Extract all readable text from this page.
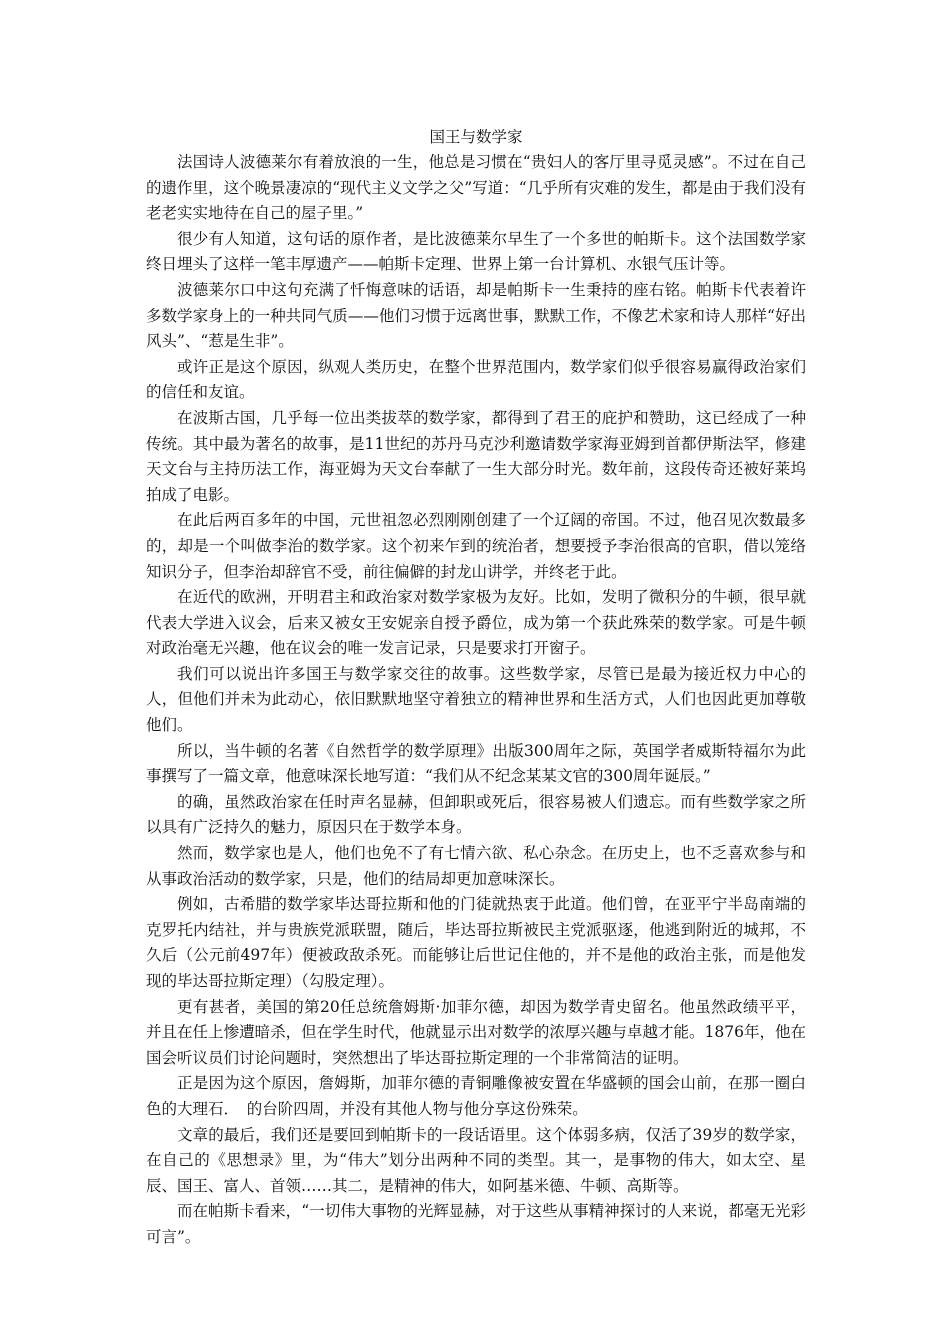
国王与数学家

法国诗人波德莱尔有着放浪的一生，他总是习惯在“贵妇人的客厅里寻觅灵感”。不过在自己的遗作里，这个晚景凄凉的“现代主义文学之父”写道：“几乎所有灾难的发生，都是由于我们没有老老实实地待在自己的屋子里。”

很少有人知道，这句话的原作者，是比波德莱尔早生了一个多世的帕斯卡。这个法国数学家终日埋头了这样一笔丰厚遗产——帕斯卡定理、世界上第一台计算机、水银气压计等。

波德莱尔口中这句充满了忏悔意味的话语，却是帕斯卡一生秉持的座右铭。帕斯卡代表着许多数学家身上的一种共同气质——他们习惯于远离世事，默默工作，不像艺术家和诗人那样“好出风头”、“惹是生非”。

或许正是这个原因，纵观人类历史，在整个世界范围内，数学家们似乎很容易赢得政治家们的信任和友谊。

在波斯古国，几乎每一位出类拔萃的数学家，都得到了君王的庇护和赞助，这已经成了一种传统。其中最为著名的故事，是11世纪的苏丹马克沙利邀请数学家海亚姆到首都伊斯法罕，修建天文台与主持历法工作，海亚姆为天文台奉献了一生大部分时光。数年前，这段传奇还被好莱坞拍成了电影。

在此后两百多年的中国，元世祖忽必烈刚刚创建了一个辽阔的帝国。不过，他召见次数最多的，却是一个叫做李治的数学家。这个初来乍到的统治者，想要授予李治很高的官职，借以笼络知识分子，但李治却辞官不受，前往偏僻的封龙山讲学，并终老于此。

在近代的欧洲，开明君主和政治家对数学家极为友好。比如，发明了微积分的牛顿，很早就代表大学进入议会，后来又被女王安妮亲自授予爵位，成为第一个获此殊荣的数学家。可是牛顿对政治毫无兴趣，他在议会的唯一发言记录，只是要求打开窗子。

我们可以说出许多国王与数学家交往的故事。这些数学家，尽管已是最为接近权力中心的人，但他们并未为此动心，依旧默默地坚守着独立的精神世界和生活方式，人们也因此更加尊敬他们。

所以，当牛顿的名著《自然哲学的数学原理》出版300周年之际，英国学者威斯特福尔为此事撰写了一篇文章，他意味深长地写道：“我们从不纪念某某文官的300周年诞辰。”

的确，虽然政治家在任时声名显赫，但卸职或死后，很容易被人们遗忘。而有些数学家之所以具有广泛持久的魅力，原因只在于数学本身。

然而，数学家也是人，他们也免不了有七情六欲、私心杂念。在历史上，也不乏喜欢参与和从事政治活动的数学家，只是，他们的结局却更加意味深长。

例如，古希腊的数学家毕达哥拉斯和他的门徒就热衷于此道。他们曾，在亚平宁半岛南端的克罗托内结社，并与贵族党派联盟，随后，毕达哥拉斯被民主党派驱逐，他逃到附近的城邦，不久后（公元前497年）便被政敌杀死。而能够让后世记住他的，并不是他的政治主张，而是他发现的毕达哥拉斯定理）（勾股定理）。

更有甚者，美国的第20任总统詹姆斯·加菲尔德，却因为数学青史留名。他虽然政绩平平，并且在任上惨遭暗杀，但在学生时代，他就显示出对数学的浓厚兴趣与卓越才能。1876年，他在国会听议员们讨论问题时，突然想出了毕达哥拉斯定理的一个非常简洁的证明。

正是因为这个原因，詹姆斯，加菲尔德的青铜雕像被安置在华盛顿的国会山前，在那一圈白色的大理石．　的台阶四周，并没有其他人物与他分享这份殊荣。

文章的最后，我们还是要回到帕斯卡的一段话语里。这个体弱多病，仅活了39岁的数学家，在自己的《思想录》里，为“伟大”划分出两种不同的类型。其一，是事物的伟大，如太空、星辰、国王、富人、首领……其二，是精神的伟大，如阿基米德、牛顿、高斯等。

而在帕斯卡看来，“一切伟大事物的光辉显赫，对于这些从事精神探讨的人来说，都毫无光彩可言”。
